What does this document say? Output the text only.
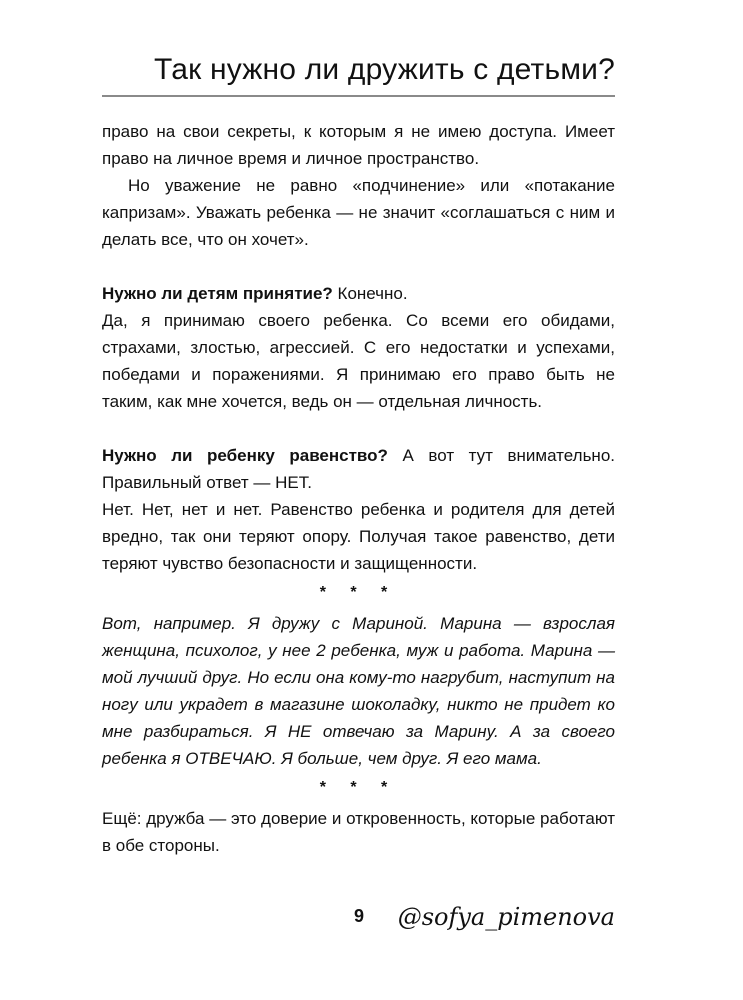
Так нужно ли дружить с детьми?

право на свои секреты, к которым я не имею доступа. Имеет право на личное время и личное пространство.

Но уважение не равно «подчинение» или «потакание капризам». Уважать ребенка — не значит «соглашаться с ним и делать все, что он хочет».

Нужно ли детям принятие? Конечно.

Да, я принимаю своего ребенка. Со всеми его обидами, страхами, злостью, агрессией. С его недостатки и успехами, победами и поражениями. Я принимаю его право быть не таким, как мне хочется, ведь он — отдельная личность.

Нужно ли ребенку равенство? А вот тут внимательно. Правильный ответ — НЕТ.

Нет. Нет, нет и нет. Равенство ребенка и родителя для детей вредно, так они теряют опору. Получая такое равенство, дети теряют чувство безопасности и защищенности.

* * *

Вот, например. Я дружу с Мариной. Марина — взрослая женщина, психолог, у нее 2 ребенка, муж и работа. Марина — мой лучший друг. Но если она кому-то нагрубит, наступит на ногу или украдет в магазине шоколадку, никто не придет ко мне разбираться. Я НЕ отвечаю за Марину. А за своего ребенка я ОТВЕЧАЮ. Я больше, чем друг. Я его мама.

* * *

Ещё: дружба — это доверие и откровенность, которые работают в обе стороны.

9 @sofya_pimenova
